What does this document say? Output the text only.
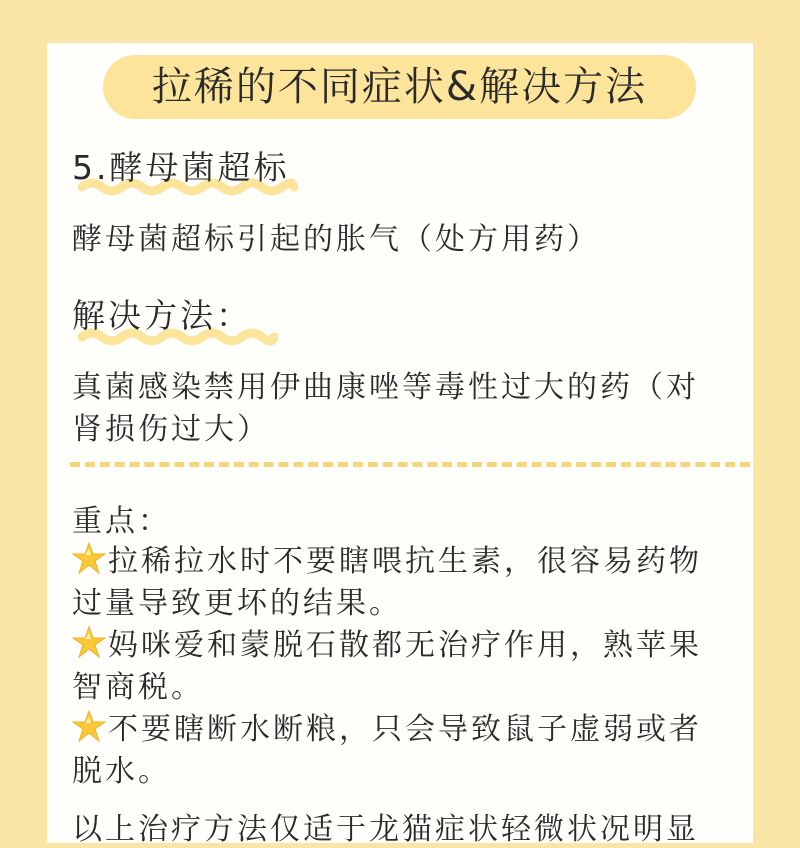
拉稀的不同症状&解决方法
5.酵母菌超标
酵母菌超标引起的胀气（处方用药）
解决方法：
真菌感染禁用伊曲康唑等毒性过大的药（对
肾损伤过大）
重点：
拉稀拉水时不要瞎喂抗生素，很容易药物
过量导致更坏的结果。
妈咪爱和蒙脱石散都无治疗作用，熟苹果
智商税。
不要瞎断水断粮，只会导致鼠子虚弱或者
脱水。
以上治疗方法仅适于龙猫症状轻微状况明显
